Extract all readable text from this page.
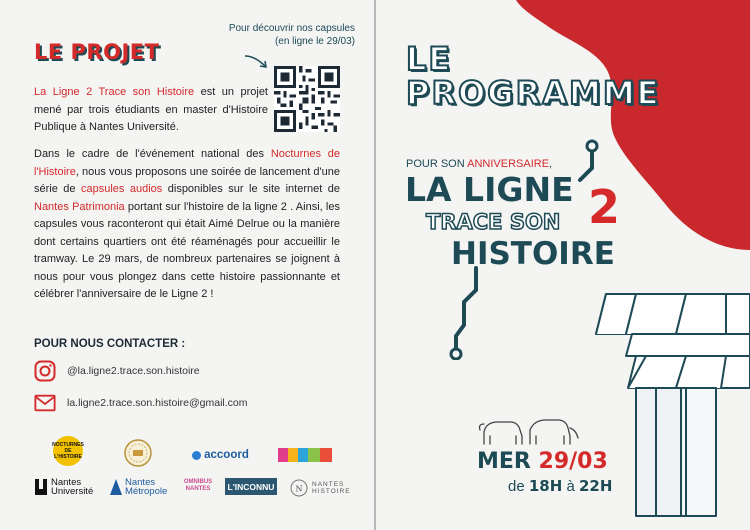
LE PROJET
Pour découvrir nos capsules
(en ligne le 29/03)
La Ligne 2 Trace son Histoire est un projet mené par trois étudiants en master d'Histoire Publique à Nantes Université.
Dans le cadre de l'événement national des Nocturnes de l'Histoire, nous vous proposons une soirée de lancement d'une série de capsules audios disponibles sur le site internet de Nantes Patrimonia portant sur l'histoire de la ligne 2 . Ainsi, les capsules vous raconteront qui était Aimé Delrue ou la manière dont certains quartiers ont été réaménagés pour accueillir le tramway. Le 29 mars, de nombreux partenaires se joignent à nous pour vous plongez dans cette histoire passionnante et célébrer l'anniversaire de le Ligne 2 !
POUR NOUS CONTACTER :
@la.ligne2.trace.son.histoire
la.ligne2.trace.son.histoire@gmail.com
NOCTURNES DE L'HISTOIRE	accoord
Nantes Université
Nantes Métropole
OMNIBUS NANTES	L'INCONNU	N
NANTES
HISTOIRE
LE
PROGRAMME
POUR SON ANNIVERSAIRE,
LA LIGNE
TRACE SON 2
HISTOIRE
MER 29/03
de 18H à 22H
